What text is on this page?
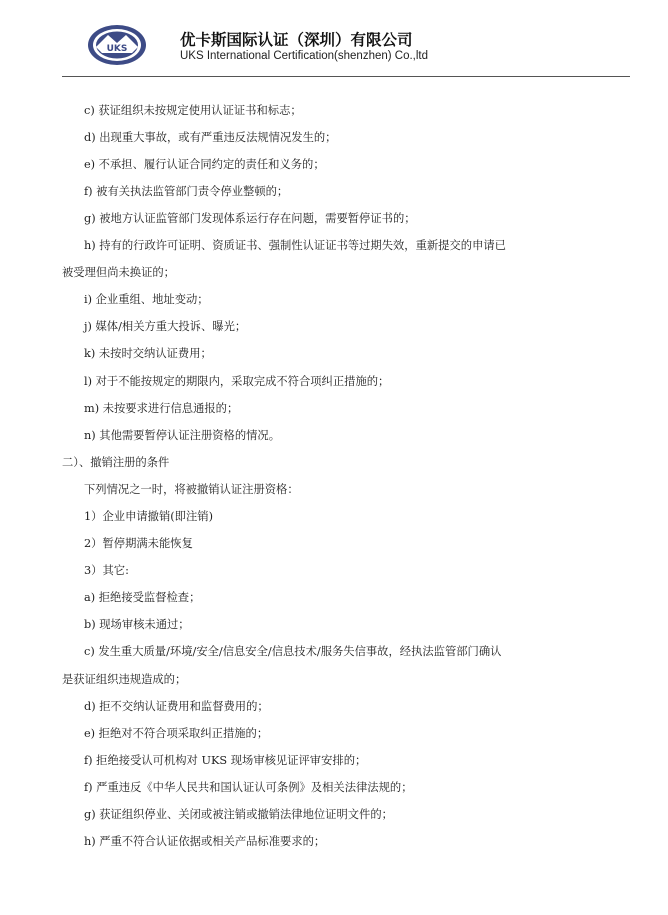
UKS	优卡斯国际认证（深圳）有限公司
UKS International Certification(shenzhen) Co.,ltd
c) 获证组织未按规定使用认证证书和标志；
d) 出现重大事故，或有严重违反法规情况发生的；
e) 不承担、履行认证合同约定的责任和义务的；
f) 被有关执法监管部门责令停业整顿的；
g) 被地方认证监管部门发现体系运行存在问题，需要暂停证书的；
h) 持有的行政许可证明、资质证书、强制性认证证书等过期失效，重新提交的申请已
被受理但尚未换证的；
i) 企业重组、地址变动；
j) 媒体/相关方重大投诉、曝光；
k) 未按时交纳认证费用；
l) 对于不能按规定的期限内，采取完成不符合项纠正措施的；
m) 未按要求进行信息通报的；
n) 其他需要暂停认证注册资格的情况。
二）、撤销注册的条件
下列情况之一时，将被撤销认证注册资格：
1）企业申请撤销(即注销)
2）暂停期满未能恢复
3）其它:
a) 拒绝接受监督检查；
b) 现场审核未通过；
c) 发生重大质量/环境/安全/信息安全/信息技术/服务失信事故，经执法监管部门确认
是获证组织违规造成的；
d) 拒不交纳认证费用和监督费用的；
e) 拒绝对不符合项采取纠正措施的；
f) 拒绝接受认可机构对 UKS 现场审核见证评审安排的；
f) 严重违反《中华人民共和国认证认可条例》及相关法律法规的；
g) 获证组织停业、关闭或被注销或撤销法律地位证明文件的；
h) 严重不符合认证依据或相关产品标准要求的；
